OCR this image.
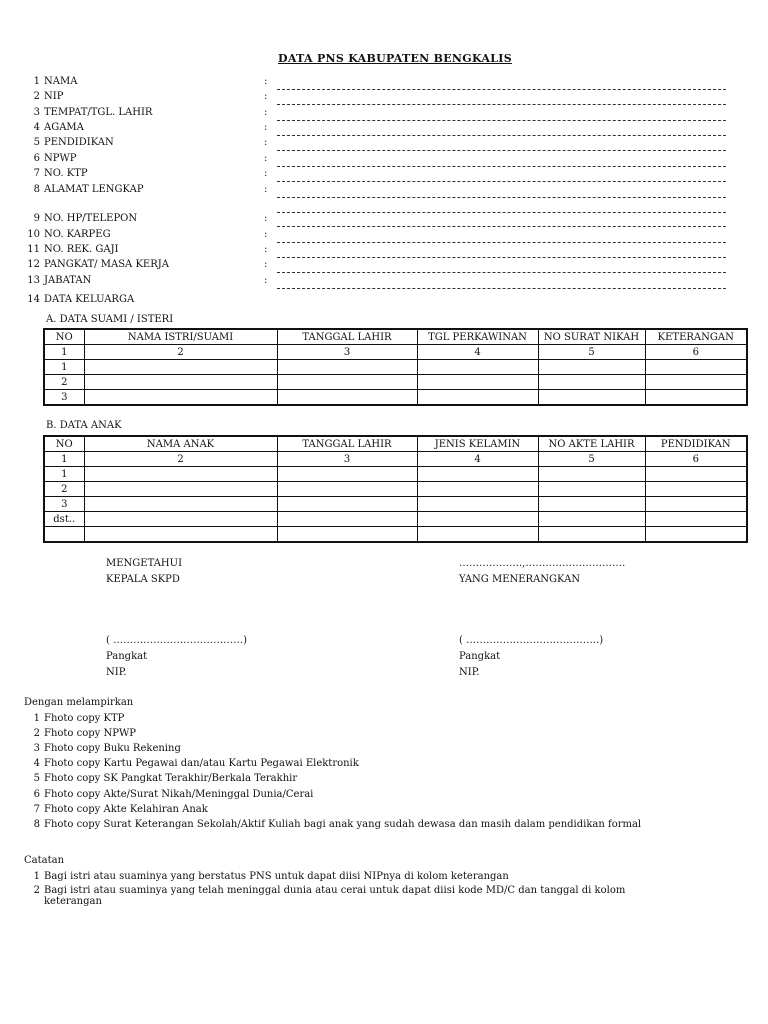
DATA PNS KABUPATEN BENGKALIS
1 NAMA	:
2 NIP	:
3 TEMPAT/TGL. LAHIR	:
4 AGAMA	:
5 PENDIDIKAN	:
6 NPWP	:
7 NO. KTP	:
8 ALAMAT LENGKAP	:
9 NO. HP/TELEPON	:
10 NO. KARPEG	:
11 NO. REK. GAJI	:
12 PANGKAT/ MASA KERJA	:
13 JABATAN	:
14 DATA KELUARGA
A. DATA SUAMI / ISTERI
NO	NAMA ISTRI/SUAMI	TANGGAL LAHIR	TGL PERKAWINAN	NO SURAT NIKAH	KETERANGAN
1	2	3	4	5	6
1					
2					
3					
B. DATA ANAK
NO	NAMA ANAK	TANGGAL LAHIR	JENIS KELAMIN	NO AKTE LAHIR	PENDIDIKAN
1	2	3	4	5	6
1					
2					
3					
dst..					

MENGETAHUI
KEPALA SKPD
( …………………………………)
Pangkat
NIP.
……………….,…………………………
YANG MENERANGKAN
( ………………………………….)
Pangkat
NIP.
Dengan melampirkan
1 Fhoto copy KTP
2 Fhoto copy NPWP
3 Fhoto copy Buku Rekening
4 Fhoto copy Kartu Pegawai dan/atau Kartu Pegawai Elektronik
5 Fhoto copy SK Pangkat Terakhir/Berkala Terakhir
6 Fhoto copy Akte/Surat Nikah/Meninggal Dunia/Cerai
7 Fhoto copy Akte Kelahiran Anak
8 Fhoto copy Surat Keterangan Sekolah/Aktif Kuliah bagi anak yang sudah dewasa dan masih dalam pendidikan formal
Catatan
1 Bagi istri atau suaminya yang berstatus PNS untuk dapat diisi NIPnya di kolom keterangan
2 Bagi istri atau suaminya yang telah meninggal dunia atau cerai untuk dapat diisi kode MD/C dan tanggal di kolom
keterangan
